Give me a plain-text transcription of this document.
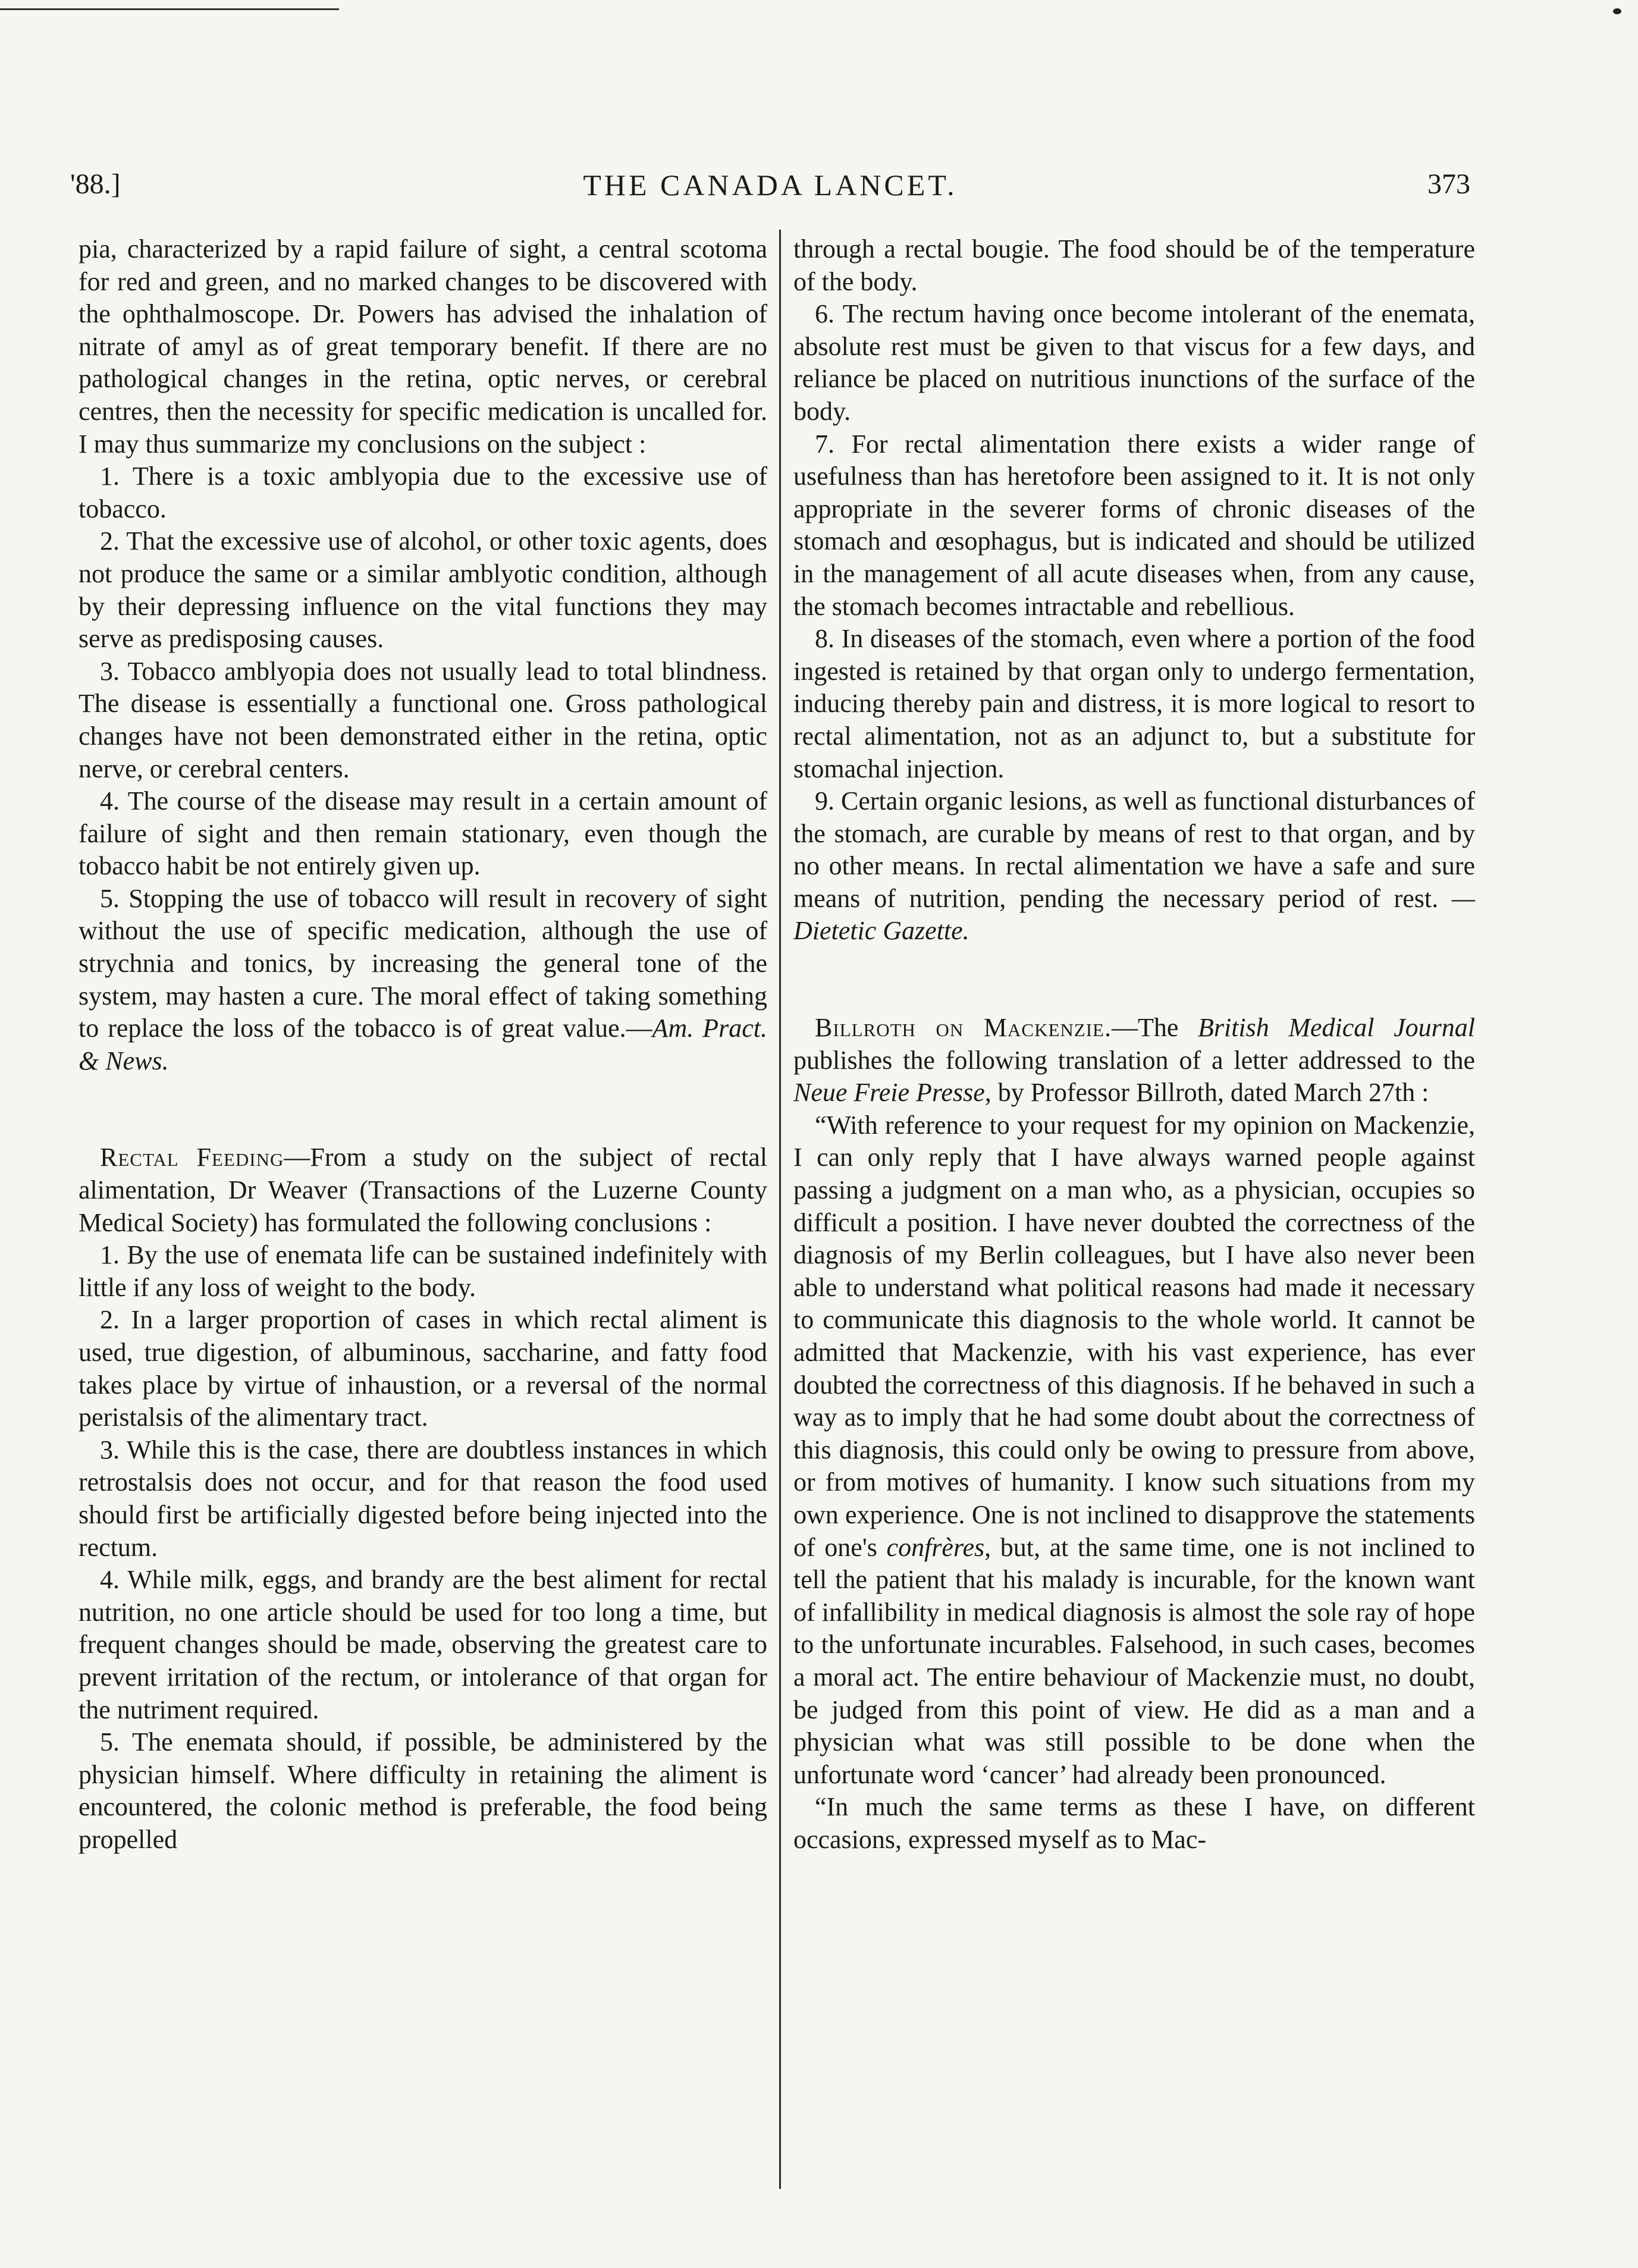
'88.]	THE CANADA LANCET.	373

pia, characterized by a rapid failure of sight, a central scotoma for red and green, and no marked changes to be discovered with the ophthalmoscope. Dr. Powers has advised the inhalation of nitrate of amyl as of great temporary benefit. If there are no pathological changes in the retina, optic nerves, or cerebral centres, then the necessity for specific medication is uncalled for. I may thus summarize my conclusions on the subject :

1. There is a toxic amblyopia due to the excessive use of tobacco.

2. That the excessive use of alcohol, or other toxic agents, does not produce the same or a similar amblyotic condition, although by their depressing influence on the vital functions they may serve as predisposing causes.

3. Tobacco amblyopia does not usually lead to total blindness. The disease is essentially a functional one. Gross pathological changes have not been demonstrated either in the retina, optic nerve, or cerebral centers.

4. The course of the disease may result in a certain amount of failure of sight and then remain stationary, even though the tobacco habit be not entirely given up.

5. Stopping the use of tobacco will result in recovery of sight without the use of specific medication, although the use of strychnia and tonics, by increasing the general tone of the system, may hasten a cure. The moral effect of taking something to replace the loss of the tobacco is of great value.—Am. Pract. & News.

Rectal Feeding—From a study on the subject of rectal alimentation, Dr Weaver (Transactions of the Luzerne County Medical Society) has formulated the following conclusions :

1. By the use of enemata life can be sustained indefinitely with little if any loss of weight to the body.

2. In a larger proportion of cases in which rectal aliment is used, true digestion, of albuminous, saccharine, and fatty food takes place by virtue of inhaustion, or a reversal of the normal peristalsis of the alimentary tract.

3. While this is the case, there are doubtless instances in which retrostalsis does not occur, and for that reason the food used should first be artificially digested before being injected into the rectum.

4. While milk, eggs, and brandy are the best aliment for rectal nutrition, no one article should be used for too long a time, but frequent changes should be made, observing the greatest care to prevent irritation of the rectum, or intolerance of that organ for the nutriment required.

5. The enemata should, if possible, be administered by the physician himself. Where difficulty in retaining the aliment is encountered, the colonic method is preferable, the food being propelled

through a rectal bougie. The food should be of the temperature of the body.

6. The rectum having once become intolerant of the enemata, absolute rest must be given to that viscus for a few days, and reliance be placed on nutritious inunctions of the surface of the body.

7. For rectal alimentation there exists a wider range of usefulness than has heretofore been assigned to it. It is not only appropriate in the severer forms of chronic diseases of the stomach and œsophagus, but is indicated and should be utilized in the management of all acute diseases when, from any cause, the stomach becomes intractable and rebellious.

8. In diseases of the stomach, even where a portion of the food ingested is retained by that organ only to undergo fermentation, inducing thereby pain and distress, it is more logical to resort to rectal alimentation, not as an adjunct to, but a substitute for stomachal injection.

9. Certain organic lesions, as well as functional disturbances of the stomach, are curable by means of rest to that organ, and by no other means. In rectal alimentation we have a safe and sure means of nutrition, pending the necessary period of rest. —Dietetic Gazette.

Billroth on Mackenzie.—The British Medical Journal publishes the following translation of a letter addressed to the Neue Freie Presse, by Professor Billroth, dated March 27th :

“With reference to your request for my opinion on Mackenzie, I can only reply that I have always warned people against passing a judgment on a man who, as a physician, occupies so difficult a position. I have never doubted the correctness of the diagnosis of my Berlin colleagues, but I have also never been able to understand what political reasons had made it necessary to communicate this diagnosis to the whole world. It cannot be admitted that Mackenzie, with his vast experience, has ever doubted the correctness of this diagnosis. If he behaved in such a way as to imply that he had some doubt about the correctness of this diagnosis, this could only be owing to pressure from above, or from motives of humanity. I know such situations from my own experience. One is not inclined to disapprove the statements of one's confrères, but, at the same time, one is not inclined to tell the patient that his malady is incurable, for the known want of infallibility in medical diagnosis is almost the sole ray of hope to the unfortunate incurables. Falsehood, in such cases, becomes a moral act. The entire behaviour of Mackenzie must, no doubt, be judged from this point of view. He did as a man and a physician what was still possible to be done when the unfortunate word ‘cancer’ had already been pronounced.

“In much the same terms as these I have, on different occasions, expressed myself as to Mac-
